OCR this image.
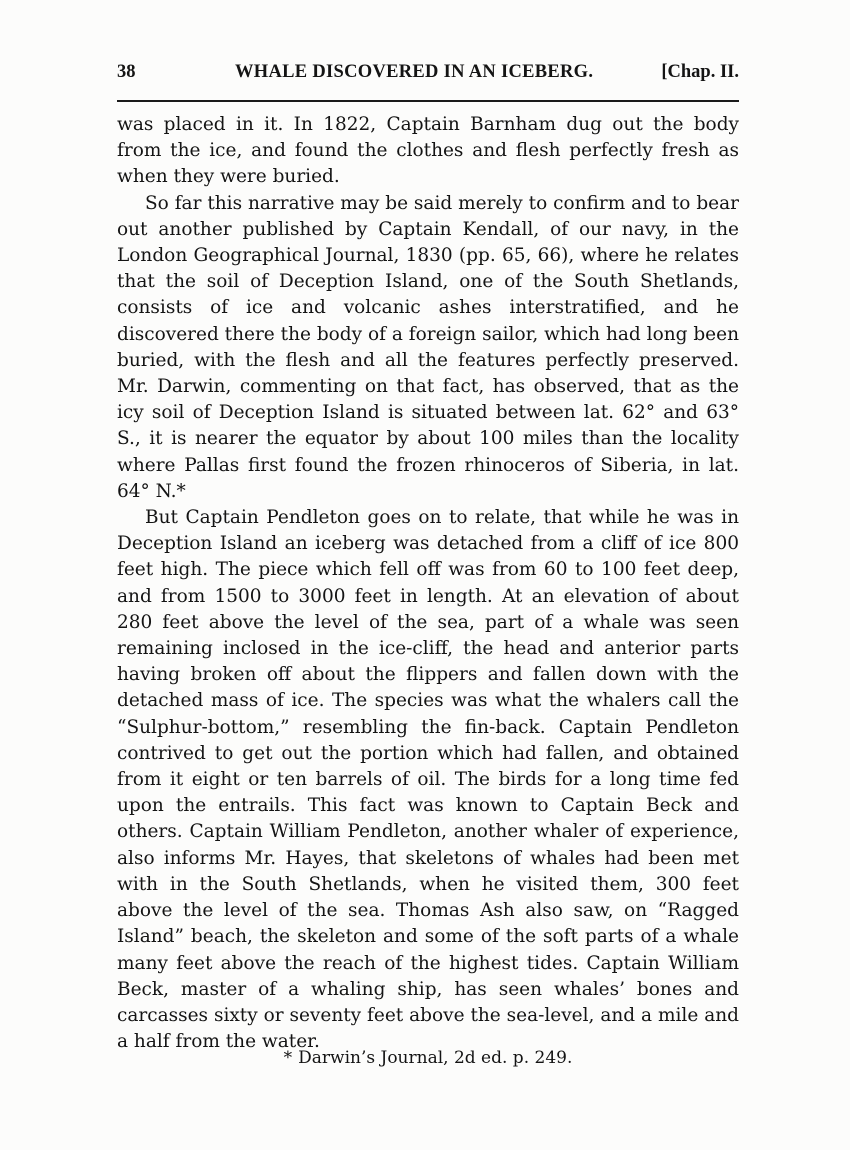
38	WHALE DISCOVERED IN AN ICEBERG.	[Chap. II.

was placed in it. In 1822, Captain Barnham dug out the body from the ice, and found the clothes and flesh perfectly fresh as when they were buried.

So far this narrative may be said merely to confirm and to bear out another published by Captain Kendall, of our navy, in the London Geographical Journal, 1830 (pp. 65, 66), where he relates that the soil of Deception Island, one of the South Shetlands, consists of ice and volcanic ashes interstratified, and he discovered there the body of a foreign sailor, which had long been buried, with the flesh and all the features perfectly preserved. Mr. Darwin, commenting on that fact, has observed, that as the icy soil of Deception Island is situated between lat. 62° and 63° S., it is nearer the equator by about 100 miles than the locality where Pallas first found the frozen rhinoceros of Siberia, in lat. 64° N.*

But Captain Pendleton goes on to relate, that while he was in Deception Island an iceberg was detached from a cliff of ice 800 feet high. The piece which fell off was from 60 to 100 feet deep, and from 1500 to 3000 feet in length. At an elevation of about 280 feet above the level of the sea, part of a whale was seen remaining inclosed in the ice-cliff, the head and anterior parts having broken off about the flippers and fallen down with the detached mass of ice. The species was what the whalers call the “Sulphur-bottom,” resembling the fin-back. Captain Pendleton contrived to get out the portion which had fallen, and obtained from it eight or ten barrels of oil. The birds for a long time fed upon the entrails. This fact was known to Captain Beck and others. Captain William Pendleton, another whaler of experience, also informs Mr. Hayes, that skeletons of whales had been met with in the South Shetlands, when he visited them, 300 feet above the level of the sea. Thomas Ash also saw, on “Ragged Island” beach, the skeleton and some of the soft parts of a whale many feet above the reach of the highest tides. Captain William Beck, master of a whaling ship, has seen whales’ bones and carcasses sixty or seventy feet above the sea-level, and a mile and a half from the water.

* Darwin’s Journal, 2d ed. p. 249.
